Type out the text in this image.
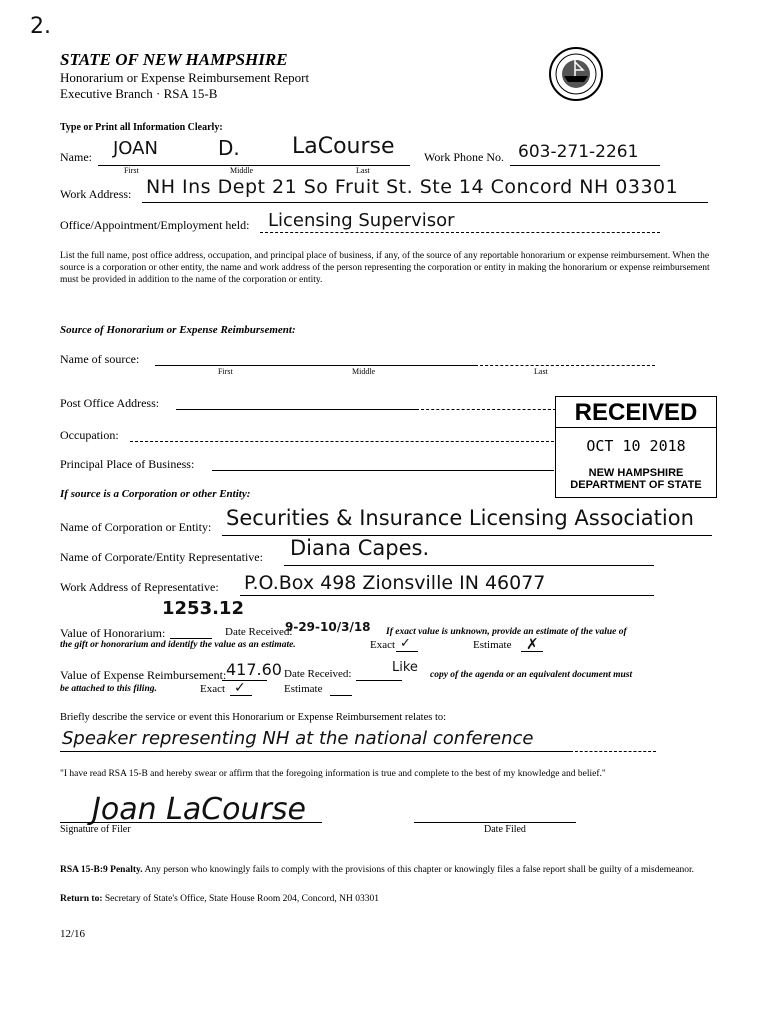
2.
STATE OF NEW HAMPSHIRE
Honorarium or Expense Reimbursement Report
Executive Branch · RSA 15-B
Type or Print all Information Clearly:
Name: JOAN	D. LaCourse
First	Middle	Last
Work Phone No. 603-271-2261
Work Address: NH Ins Dept 21 So Fruit St. Ste 14 Concord NH 03301
Office/Appointment/Employment held: Licensing Supervisor
List the full name, post office address, occupation, and principal place of business, if any, of the source of any reportable honorarium or expense reimbursement. When the source is a corporation or other entity, the name and work address of the person representing the corporation or entity in making the honorarium or expense reimbursement must be provided in addition to the name of the corporation or entity.
Source of Honorarium or Expense Reimbursement:
Name of source:
First	Middle	Last
Post Office Address:
Occupation:
Principal Place of Business:
RECEIVED
OCT 10 2018
NEW HAMPSHIRE
DEPARTMENT OF STATE
If source is a Corporation or other Entity:
Name of Corporation or Entity: Securities & Insurance Licensing Association
Name of Corporate/Entity Representative: Diana Capes.
Work Address of Representative: P.O.Box 498 Zionsville IN 46077
1253.12
Value of Honorarium:	Date Received:
9-29-10/3/18 If exact value is unknown, provide an estimate of the value of
the gift or honorarium and identify the value as an estimate.	Exact ✓	Estimate ✗
Value of Expense Reimbursement: 417.60 Date Received:	Like copy of the agenda or an equivalent document must
be attached to this filing.	Exact ✓	Estimate
Briefly describe the service or event this Honorarium or Expense Reimbursement relates to:
Speaker representing NH at the national conference
"I have read RSA 15-B and hereby swear or affirm that the foregoing information is true and complete to the best of my knowledge and belief."
Joan LaCourse
Signature of Filer	Date Filed
RSA 15-B:9 Penalty. Any person who knowingly fails to comply with the provisions of this chapter or knowingly files a false report shall be guilty of a misdemeanor.
Return to: Secretary of State's Office, State House Room 204, Concord, NH 03301
12/16
